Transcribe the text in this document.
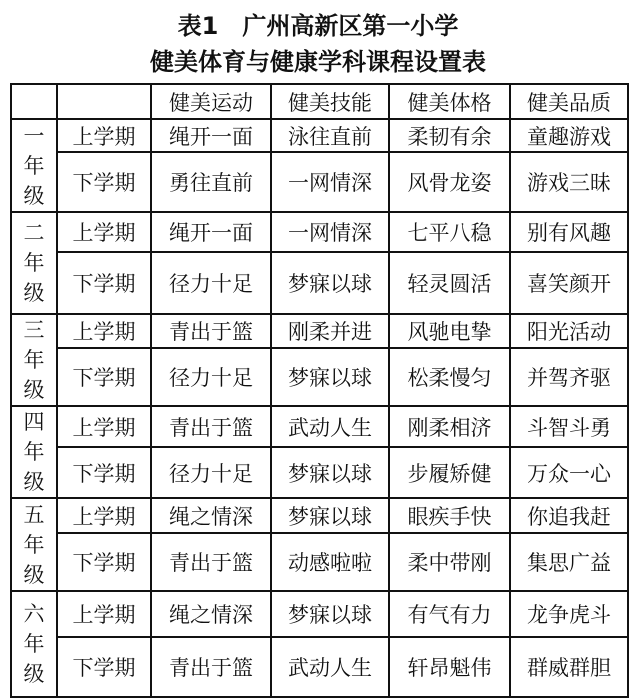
表1　广州高新区第一小学
健美体育与健康学科课程设置表
		健美运动	健美技能	健美体格	健美品质

一
年
级	上学期	绳开一面	泳往直前	柔韧有余	童趣游戏
	下学期	勇往直前	一网情深	风骨龙姿	游戏三昧

二
年
级	上学期	绳开一面	一网情深	七平八稳	别有风趣
	下学期	径力十足	梦寐以球	轻灵圆活	喜笑颜开

三
年
级	上学期	青出于篮	刚柔并进	风驰电挚	阳光活动
	下学期	径力十足	梦寐以球	松柔慢匀	并驾齐驱

四
年
级	上学期	青出于篮	武动人生	刚柔相济	斗智斗勇
	下学期	径力十足	梦寐以球	步履矫健	万众一心

五
年
级	上学期	绳之情深	梦寐以球	眼疾手快	你追我赶
	下学期	青出于篮	动感啦啦	柔中带刚	集思广益

六
年
级	上学期	绳之情深	梦寐以球	有气有力	龙争虎斗
	下学期	青出于篮	武动人生	轩昂魁伟	群威群胆
